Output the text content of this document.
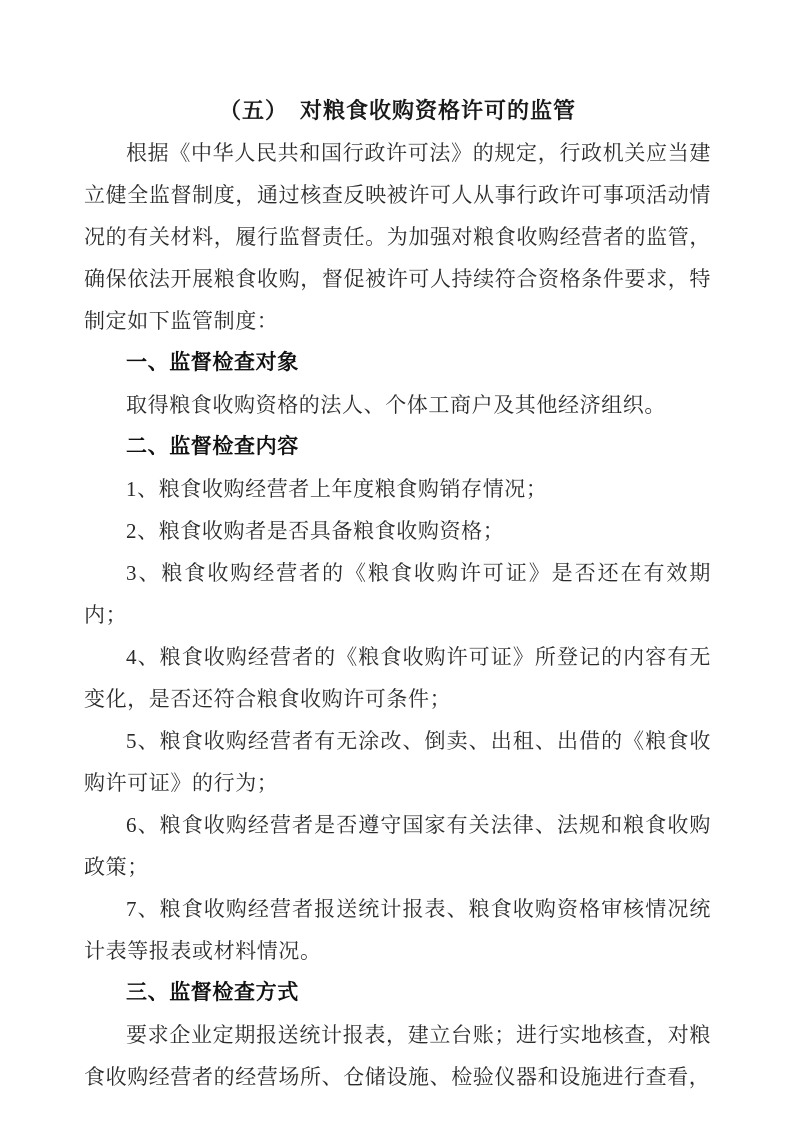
（五）　对粮食收购资格许可的监管

根据《中华人民共和国行政许可法》的规定，行政机关应当建立健全监督制度，通过核查反映被许可人从事行政许可事项活动情况的有关材料，履行监督责任。为加强对粮食收购经营者的监管，确保依法开展粮食收购，督促被许可人持续符合资格条件要求，特制定如下监管制度：

一、监督检查对象

取得粮食收购资格的法人、个体工商户及其他经济组织。

二、监督检查内容

1、粮食收购经营者上年度粮食购销存情况；

2、粮食收购者是否具备粮食收购资格；

3、粮食收购经营者的《粮食收购许可证》是否还在有效期内；

4、粮食收购经营者的《粮食收购许可证》所登记的内容有无变化，是否还符合粮食收购许可条件；

5、粮食收购经营者有无涂改、倒卖、出租、出借的《粮食收购许可证》的行为；

6、粮食收购经营者是否遵守国家有关法律、法规和粮食收购政策；

7、粮食收购经营者报送统计报表、粮食收购资格审核情况统计表等报表或材料情况。

三、监督检查方式

要求企业定期报送统计报表，建立台账；进行实地核查，对粮食收购经营者的经营场所、仓储设施、检验仪器和设施进行查看，
